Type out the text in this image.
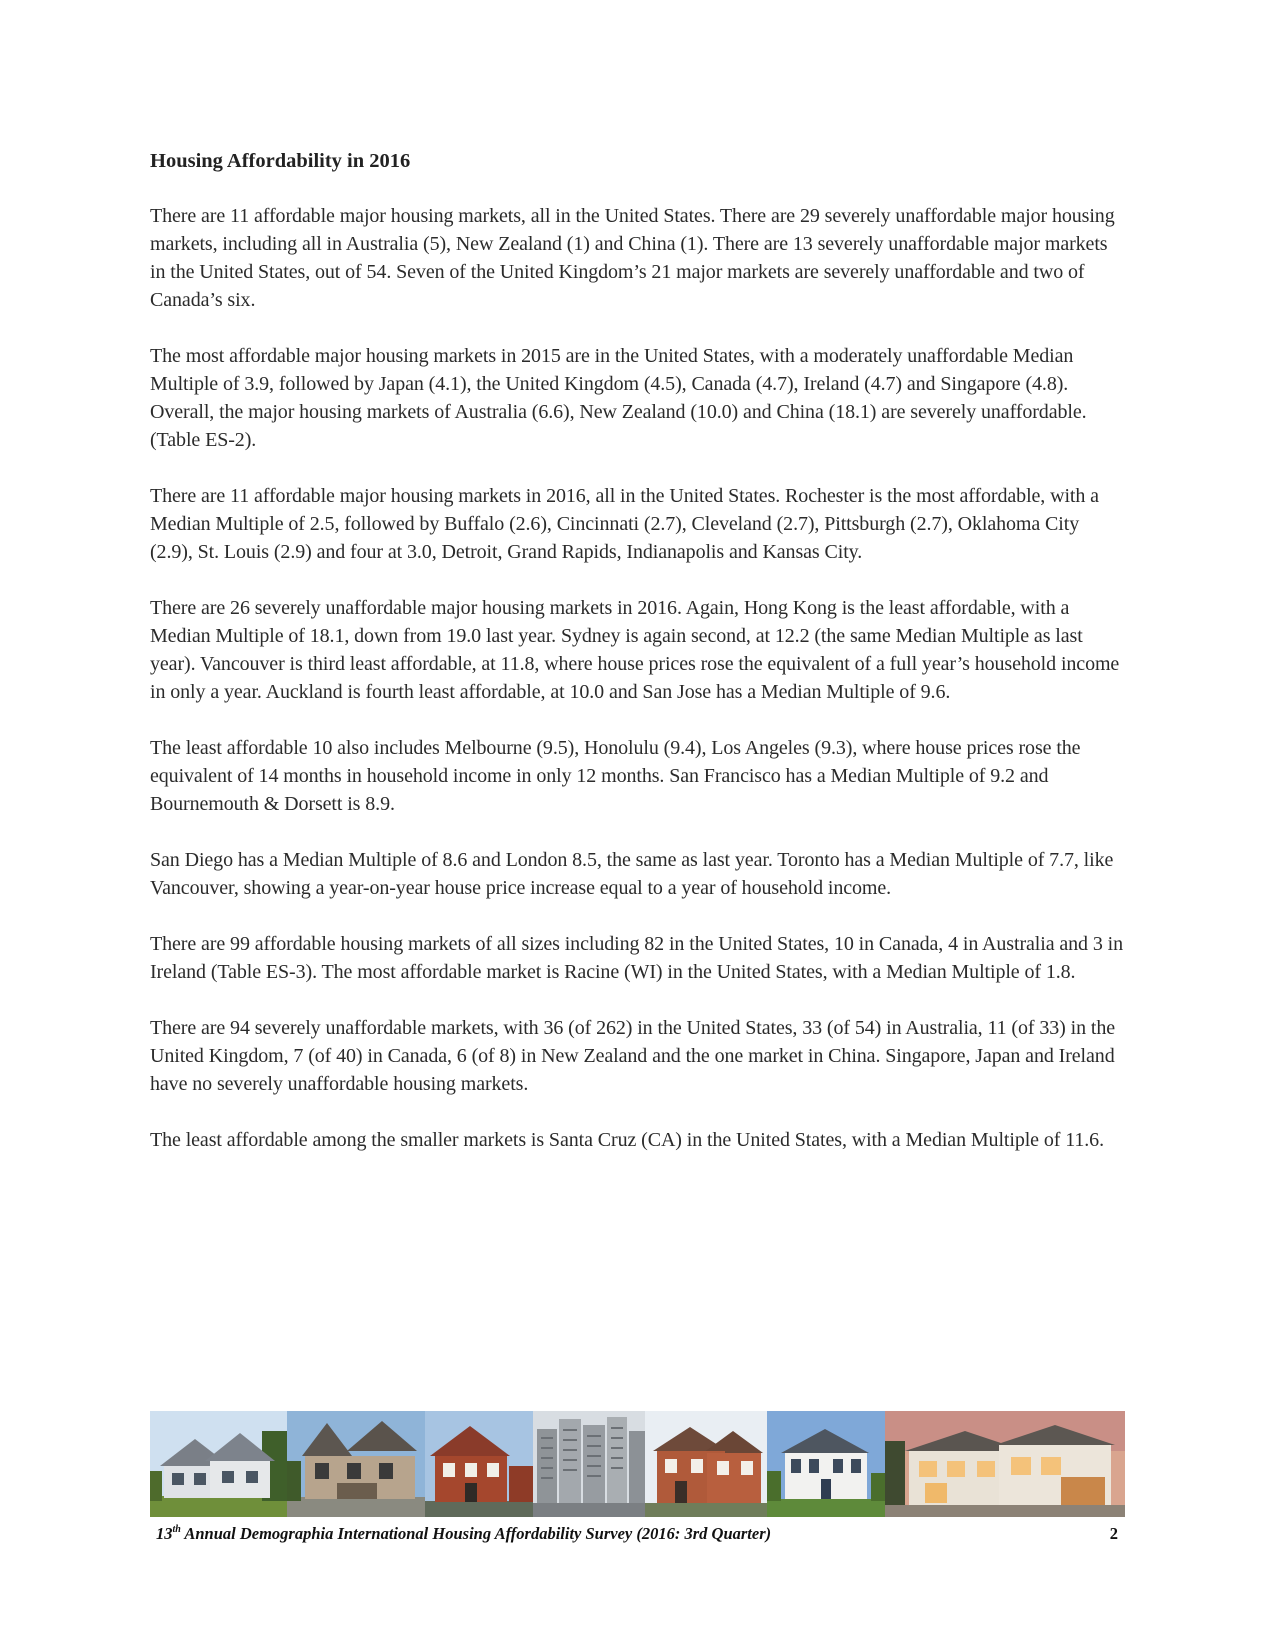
Housing Affordability in 2016

There are 11 affordable major housing markets, all in the United States. There are 29 severely unaffordable major housing markets, including all in Australia (5), New Zealand (1) and China (1). There are 13 severely unaffordable major markets in the United States, out of 54. Seven of the United Kingdom’s 21 major markets are severely unaffordable and two of Canada’s six.

The most affordable major housing markets in 2015 are in the United States, with a moderately unaffordable Median Multiple of 3.9, followed by Japan (4.1), the United Kingdom (4.5), Canada (4.7), Ireland (4.7) and Singapore (4.8). Overall, the major housing markets of Australia (6.6), New Zealand (10.0) and China (18.1) are severely unaffordable.(Table ES-2).

There are 11 affordable major housing markets in 2016, all in the United States. Rochester is the most affordable, with a Median Multiple of 2.5, followed by Buffalo (2.6), Cincinnati (2.7), Cleveland (2.7), Pittsburgh (2.7), Oklahoma City (2.9), St. Louis (2.9) and four at 3.0, Detroit, Grand Rapids, Indianapolis and Kansas City.

There are 26 severely unaffordable major housing markets in 2016. Again, Hong Kong is the least affordable, with a Median Multiple of 18.1, down from 19.0 last year. Sydney is again second, at 12.2 (the same Median Multiple as last year). Vancouver is third least affordable, at 11.8, where house prices rose the equivalent of a full year’s household income in only a year. Auckland is fourth least affordable, at 10.0 and San Jose has a Median Multiple of 9.6.

The least affordable 10 also includes Melbourne (9.5), Honolulu (9.4), Los Angeles (9.3), where house prices rose the equivalent of 14 months in household income in only 12 months. San Francisco has a Median Multiple of 9.2 and Bournemouth & Dorsett is 8.9.

San Diego has a Median Multiple of 8.6 and London 8.5, the same as last year. Toronto has a Median Multiple of 7.7, like Vancouver, showing a year-on-year house price increase equal to a year of household income.

There are 99 affordable housing markets of all sizes including 82 in the United States, 10 in Canada, 4 in Australia and 3 in Ireland (Table ES-3). The most affordable market is Racine (WI) in the United States, with a Median Multiple of 1.8.

There are 94 severely unaffordable markets, with 36 (of 262) in the United States, 33 (of 54) in Australia, 11 (of 33) in the United Kingdom, 7 (of 40) in Canada, 6 (of 8) in New Zealand and the one market in China. Singapore, Japan and Ireland have no severely unaffordable housing markets.

The least affordable among the smaller markets is Santa Cruz (CA) in the United States, with a Median Multiple of 11.6.

13th Annual Demographia International Housing Affordability Survey (2016: 3rd Quarter)	2
